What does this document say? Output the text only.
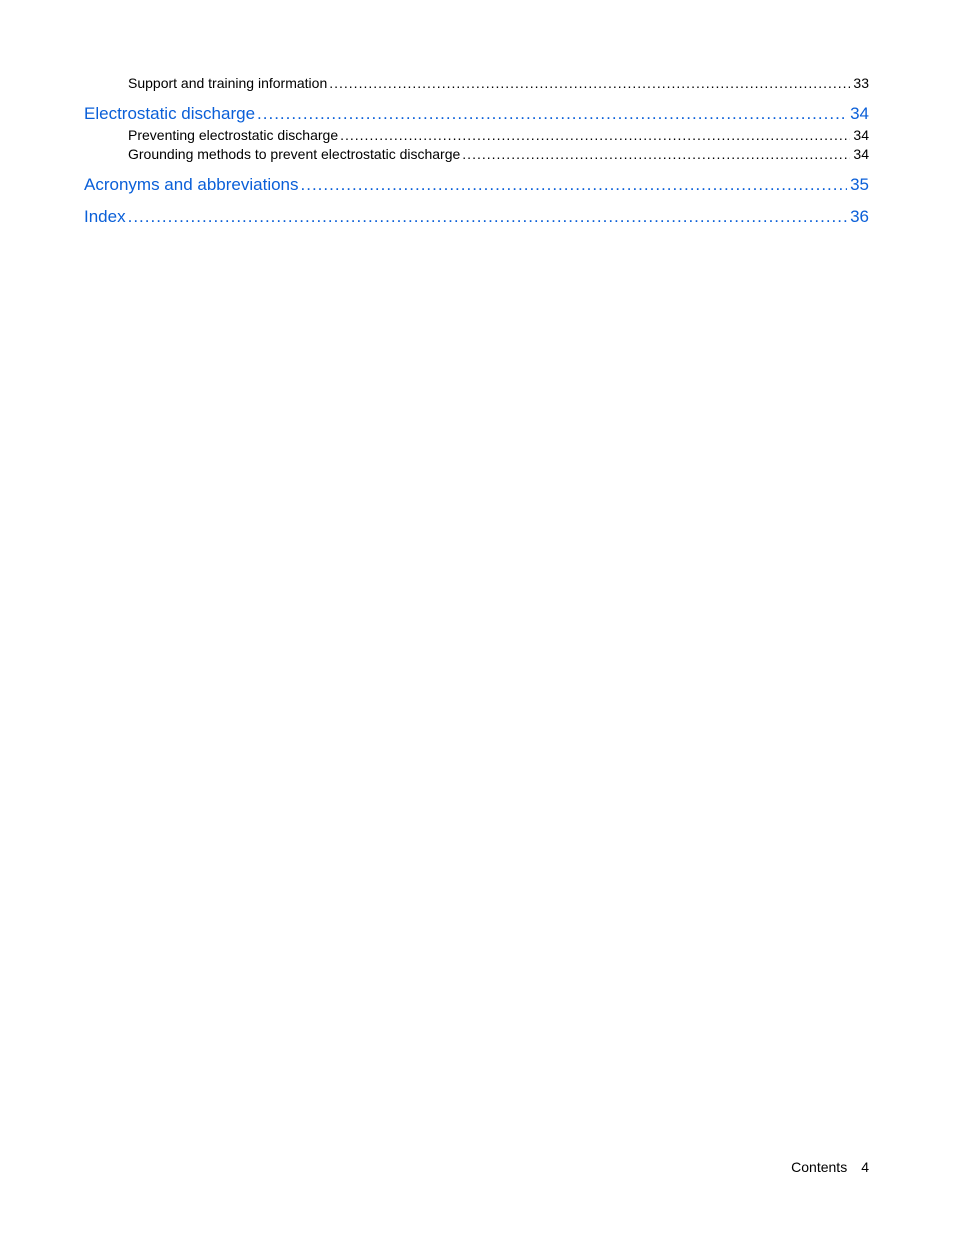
Support and training information .....	33
Electrostatic discharge .....	34
Preventing electrostatic discharge .....	34
Grounding methods to prevent electrostatic discharge .....	34
Acronyms and abbreviations .....	35
Index .....	36
Contents 4
